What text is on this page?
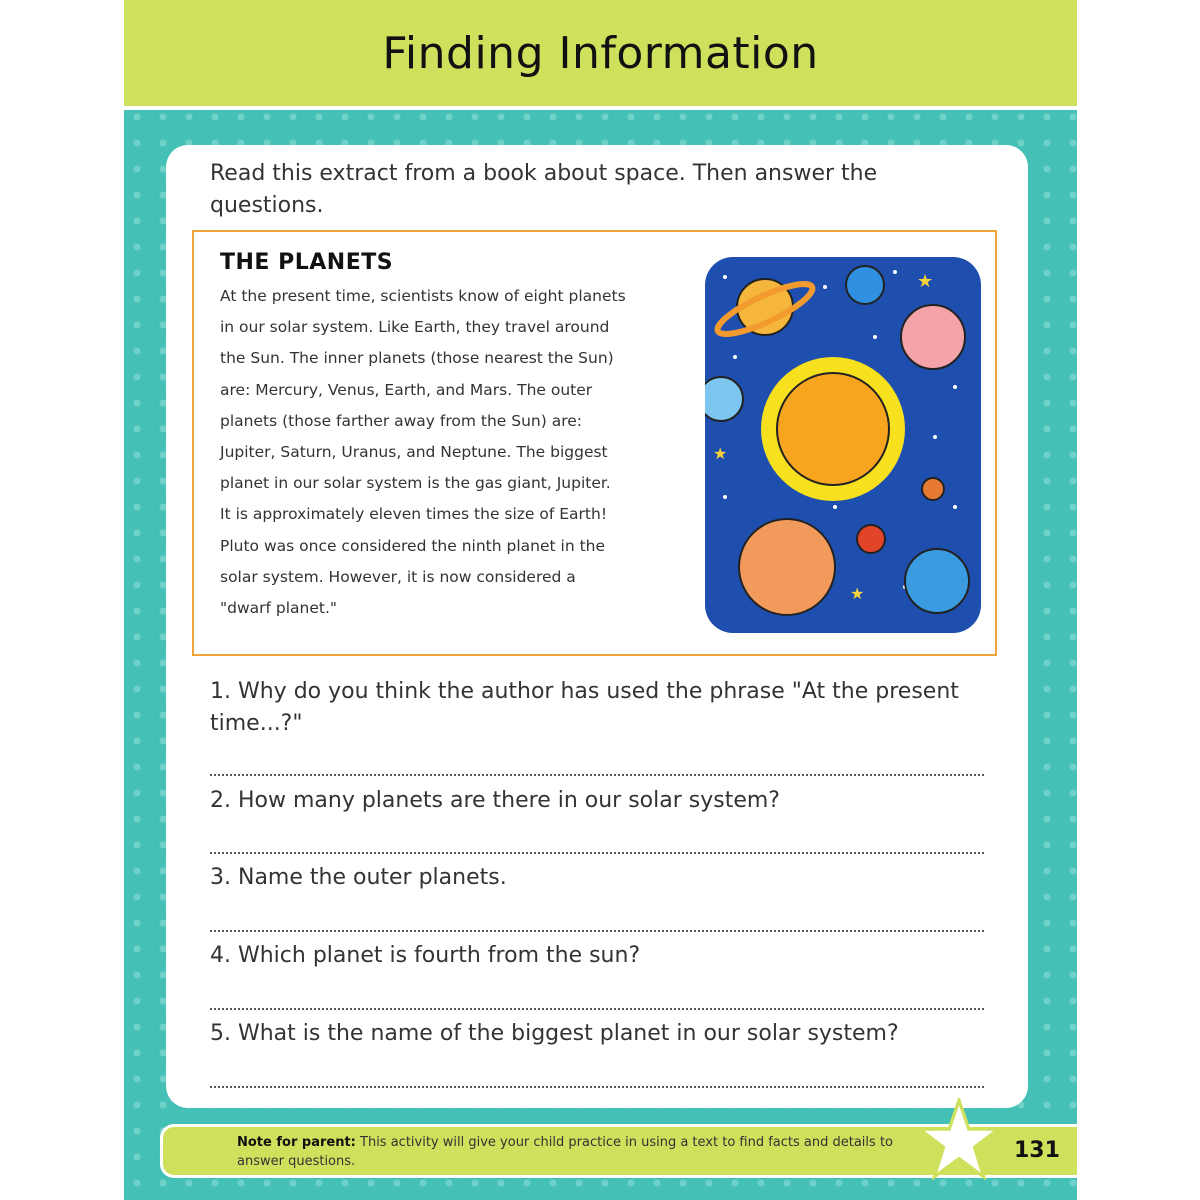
Finding Information
Read this extract from a book about space. Then answer the questions.
THE PLANETS
At the present time, scientists know of eight planets
in our solar system. Like Earth, they travel around
the Sun. The inner planets (those nearest the Sun)
are: Mercury, Venus, Earth, and Mars. The outer
planets (those farther away from the Sun) are:
Jupiter, Saturn, Uranus, and Neptune. The biggest
planet in our solar system is the gas giant, Jupiter.
It is approximately eleven times the size of Earth!
Pluto was once considered the ninth planet in the
solar system. However, it is now considered a
"dwarf planet."
★
★
★
1. Why do you think the author has used the phrase "At the present time...?"
2. How many planets are there in our solar system?
3. Name the outer planets.
4. Which planet is fourth from the sun?
5. What is the name of the biggest planet in our solar system?
Note for parent: This activity will give your child practice in using a text to find facts and details to answer questions.	131
